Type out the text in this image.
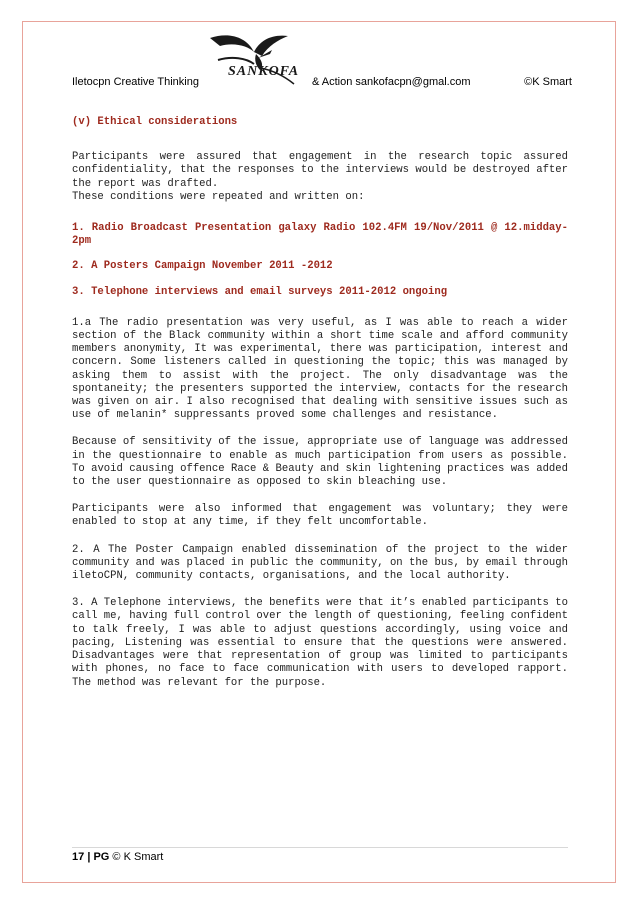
Iletocpn Creative Thinking	& Action sankofacpn@gmal.com	©K Smart
SANKOFA

(v) Ethical considerations

Participants were assured that engagement in the research topic assured confidentiality, that the responses to the interviews would be destroyed after the report was drafted.

These conditions were repeated and written on:

1. Radio Broadcast Presentation galaxy Radio 102.4FM 19/Nov/2011 @ 12.midday-2pm

2. A Posters Campaign November 2011 -2012

3. Telephone interviews and email surveys 2011-2012 ongoing

1.a The radio presentation was very useful, as I was able to reach a wider section of the Black community within a short time scale and afford community members anonymity, It was experimental, there was participation, interest and concern. Some listeners called in questioning the topic; this was managed by asking them to assist with the project. The only disadvantage was the spontaneity; the presenters supported the interview, contacts for the research was given on air. I also recognised that dealing with sensitive issues such as use of melanin* suppressants proved some challenges and resistance.

Because of sensitivity of the issue, appropriate use of language was addressed in the questionnaire to enable as much participation from users as possible. To avoid causing offence Race & Beauty and skin lightening practices was added to the user questionnaire as opposed to skin bleaching use.

Participants were also informed that engagement was voluntary; they were enabled to stop at any time, if they felt uncomfortable.

2. A The Poster Campaign enabled dissemination of the project to the wider community and was placed in public the community, on the bus, by email through iletoCPN, community contacts, organisations, and the local authority.

3. A Telephone interviews, the benefits were that it’s enabled participants to call me, having full control over the length of questioning, feeling confident to talk freely, I was able to adjust questions accordingly, using voice and pacing, Listening was essential to ensure that the questions were answered. Disadvantages were that representation of group was limited to participants with phones, no face to face communication with users to developed rapport. The method was relevant for the purpose.

17 | PG © K Smart
